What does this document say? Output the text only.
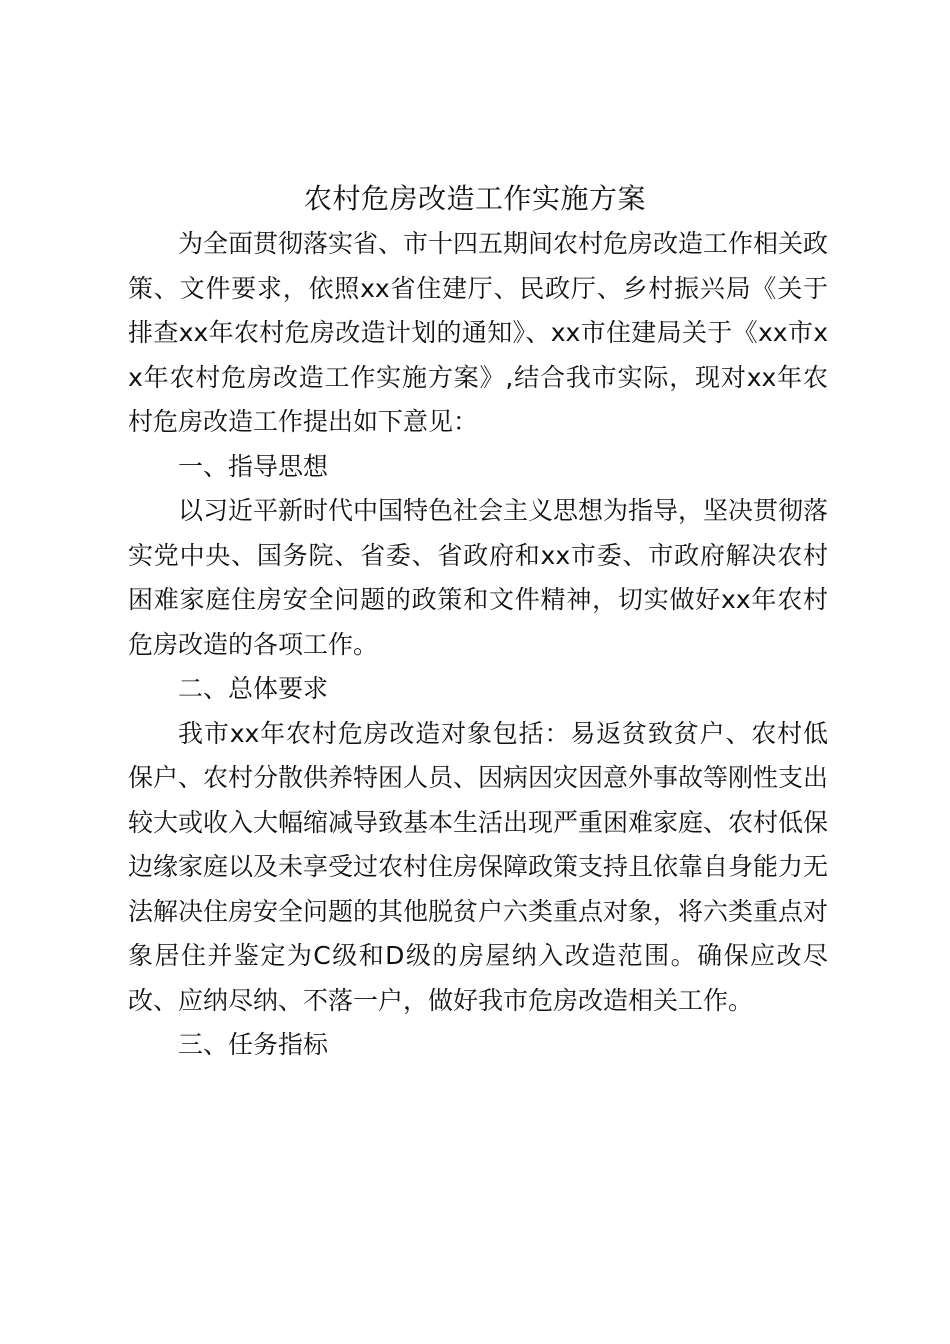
农村危房改造工作实施方案

为全面贯彻落实省、市十四五期间农村危房改造工作相关政策、文件要求，依照xx省住建厅、民政厅、乡村振兴局《关于排查xx年农村危房改造计划的通知》、xx市住建局关于《xx市xx年农村危房改造工作实施方案》,结合我市实际，现对xx年农村危房改造工作提出如下意见：

一、指导思想

以习近平新时代中国特色社会主义思想为指导，坚决贯彻落实党中央、国务院、省委、省政府和xx市委、市政府解决农村困难家庭住房安全问题的政策和文件精神，切实做好xx年农村危房改造的各项工作。

二、总体要求

我市xx年农村危房改造对象包括：易返贫致贫户、农村低保户、农村分散供养特困人员、因病因灾因意外事故等刚性支出较大或收入大幅缩减导致基本生活出现严重困难家庭、农村低保边缘家庭以及未享受过农村住房保障政策支持且依靠自身能力无法解决住房安全问题的其他脱贫户六类重点对象，将六类重点对象居住并鉴定为C级和D级的房屋纳入改造范围。确保应改尽改、应纳尽纳、不落一户，做好我市危房改造相关工作。

三、任务指标
